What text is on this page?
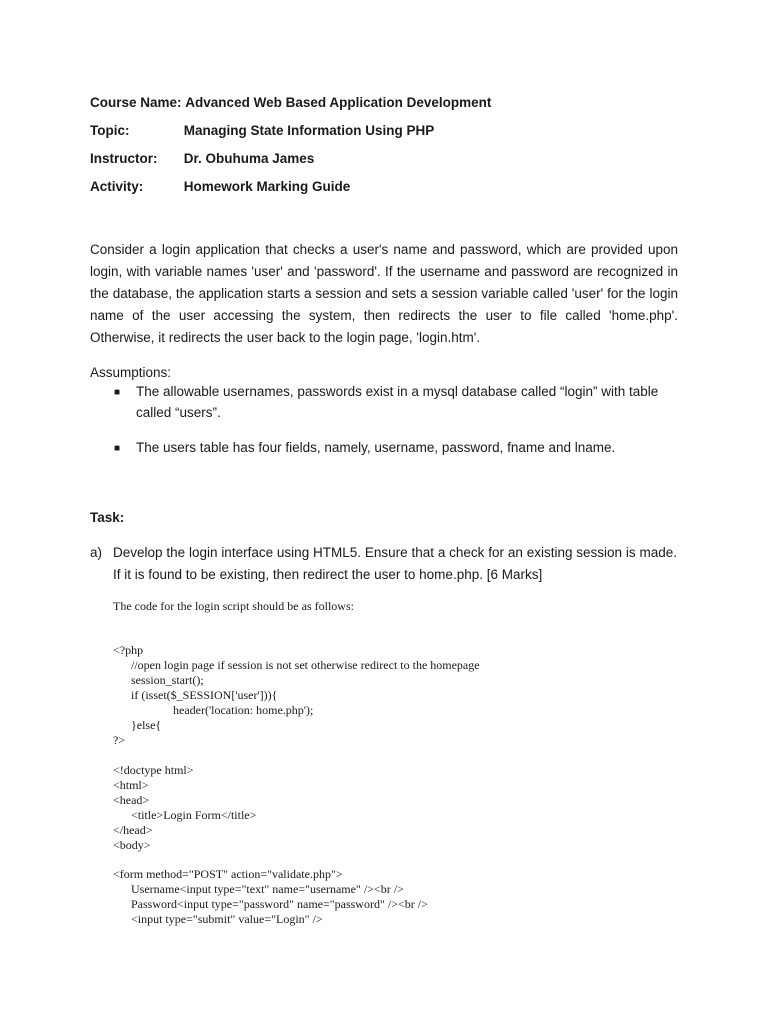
Course Name: Advanced Web Based Application Development
Topic:	Managing State Information Using PHP
Instructor: Dr. Obuhuma James
Activity:	Homework Marking Guide
Consider a login application that checks a user's name and password, which are provided upon login, with variable names 'user' and 'password'. If the username and password are recognized in the database, the application starts a session and sets a session variable called 'user' for the login name of the user accessing the system, then redirects the user to file called 'home.php'. Otherwise, it redirects the user back to the login page, 'login.htm'.
Assumptions:
■ The allowable usernames, passwords exist in a mysql database called “login” with table called “users”.
■ The users table has four fields, namely, username, password, fname and lname.
Task:
a) Develop the login interface using HTML5. Ensure that a check for an existing session is made. If it is found to be existing, then redirect the user to home.php. [6 Marks]
The code for the login script should be as follows:
<?php
//open login page if session is not set otherwise redirect to the homepage
session_start();
if (isset($_SESSION['user'])){
header('location: home.php');
}else{
?>
<!doctype html>
<html>
<head>
<title>Login Form</title>
</head>
<body>
<form method="POST" action="validate.php">
Username<input type="text" name="username" /><br />
Password<input type="password" name="password" /><br />
<input type="submit" value="Login" />
